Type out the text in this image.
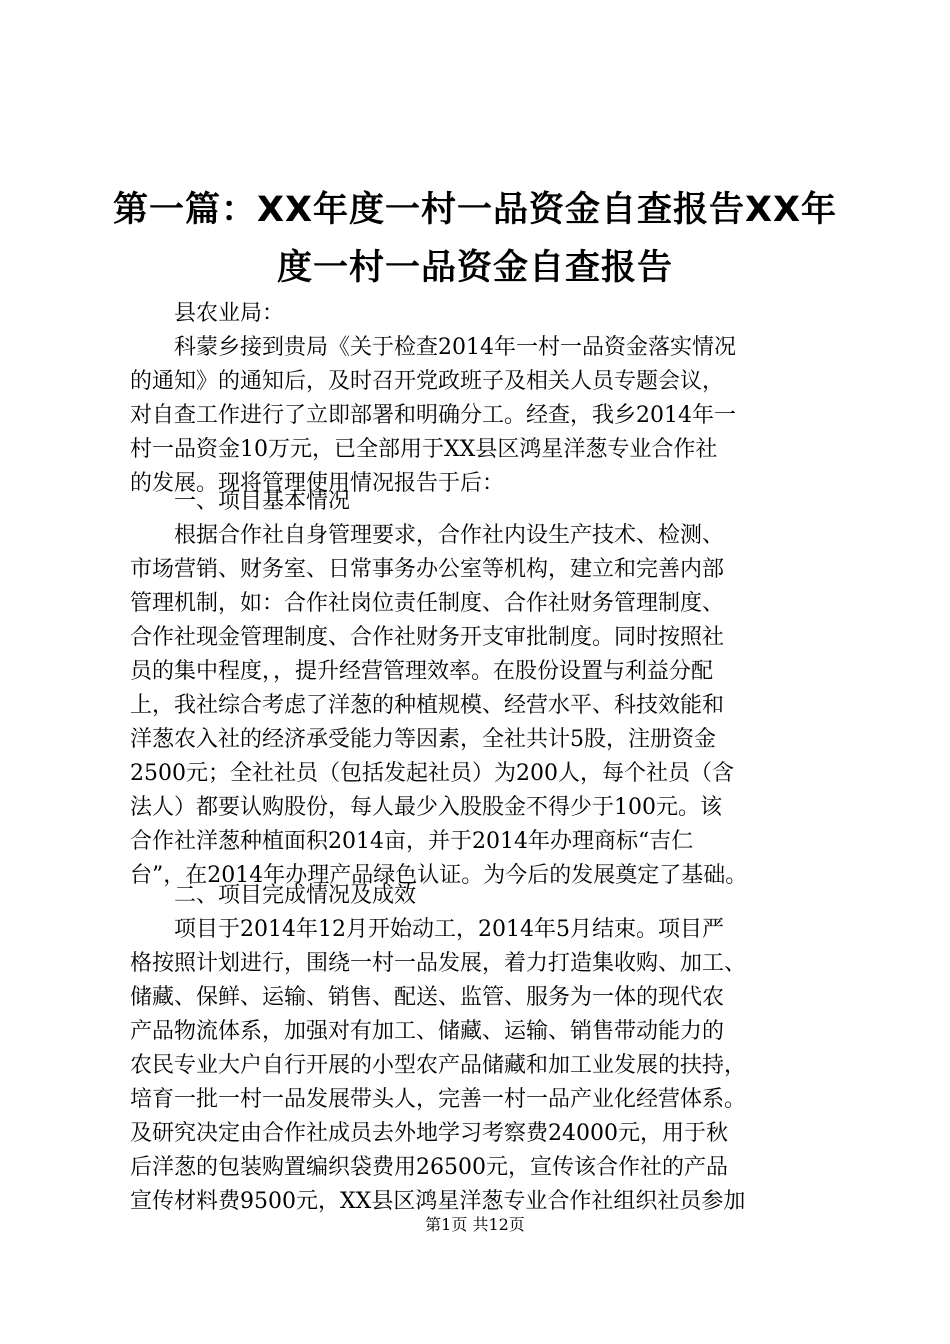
第一篇：XX年度一村一品资金自查报告XX年
度一村一品资金自查报告
县农业局：
科蒙乡接到贵局《关于检查2014年一村一品资金落实情况
的通知》的通知后，及时召开党政班子及相关人员专题会议，
对自查工作进行了立即部署和明确分工。经查，我乡2014年一
村一品资金10万元，已全部用于XX县区鸿星洋葱专业合作社
的发展。现将管理使用情况报告于后：
一、项目基本情况
根据合作社自身管理要求，合作社内设生产技术、检测、
市场营销、财务室、日常事务办公室等机构，建立和完善内部
管理机制，如：合作社岗位责任制度、合作社财务管理制度、
合作社现金管理制度、合作社财务开支审批制度。同时按照社
员的集中程度，，提升经营管理效率。在股份设置与利益分配
上，我社综合考虑了洋葱的种植规模、经营水平、科技效能和
洋葱农入社的经济承受能力等因素，全社共计5股，注册资金
2500元；全社社员（包括发起社员）为200人，每个社员（含
法人）都要认购股份，每人最少入股股金不得少于100元。该
合作社洋葱种植面积2014亩，并于2014年办理商标“吉仁
台”，在2014年办理产品绿色认证。为今后的发展奠定了基础。
二、项目完成情况及成效
项目于2014年12月开始动工，2014年5月结束。项目严
格按照计划进行，围绕一村一品发展，着力打造集收购、加工、
储藏、保鲜、运输、销售、配送、监管、服务为一体的现代农
产品物流体系，加强对有加工、储藏、运输、销售带动能力的
农民专业大户自行开展的小型农产品储藏和加工业发展的扶持，
培育一批一村一品发展带头人，完善一村一品产业化经营体系。
及研究决定由合作社成员去外地学习考察费24000元，用于秋
后洋葱的包装购置编织袋费用26500元，宣传该合作社的产品
宣传材料费9500元，XX县区鸿星洋葱专业合作社组织社员参加
第1页 共12页
